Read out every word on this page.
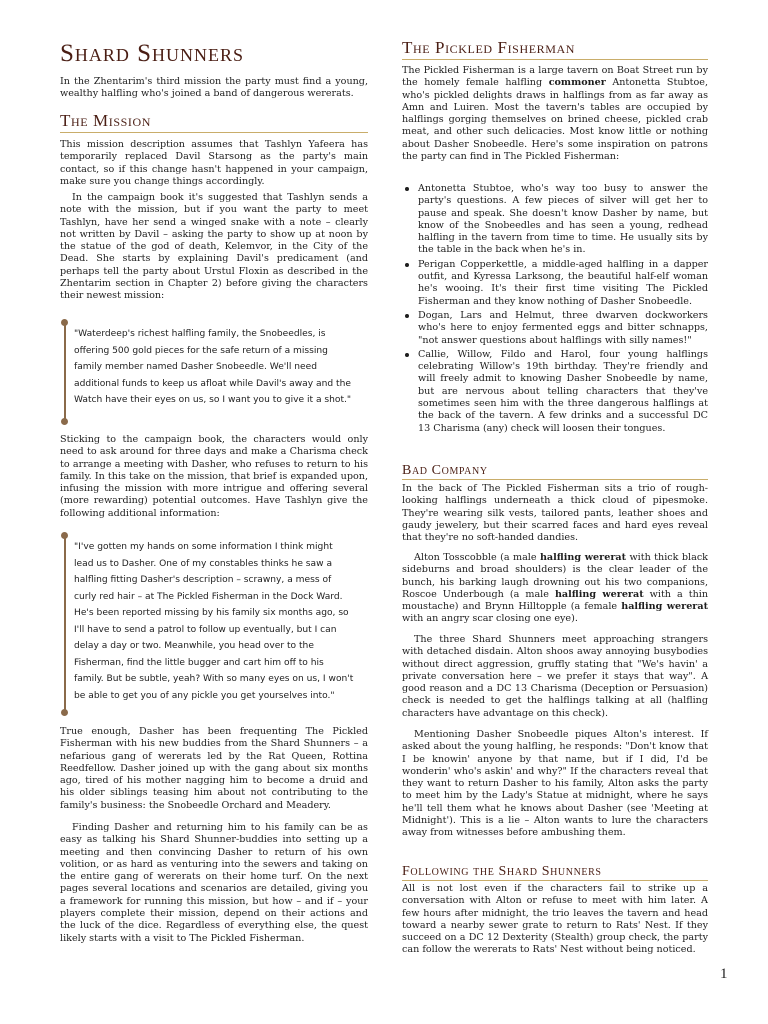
Shard Shunners
In the Zhentarim's third mission the party must find a young, wealthy halfling who's joined a band of dangerous wererats.
The Mission
This mission description assumes that Tashlyn Yafeera has temporarily replaced Davil Starsong as the party's main contact, so if this change hasn't happened in your campaign, make sure you change things accordingly.
In the campaign book it's suggested that Tashlyn sends a note with the mission, but if you want the party to meet Tashlyn, have her send a winged snake with a note – clearly not written by Davil – asking the party to show up at noon by the statue of the god of death, Kelemvor, in the City of the Dead. She starts by explaining Davil's predicament (and perhaps tell the party about Urstul Floxin as described in the Zhentarim section in Chapter 2) before giving the characters their newest mission:
"Waterdeep's richest halfling family, the Snobeedles, is offering 500 gold pieces for the safe return of a missing family member named Dasher Snobeedle. We'll need additional funds to keep us afloat while Davil's away and the Watch have their eyes on us, so I want you to give it a shot."
Sticking to the campaign book, the characters would only need to ask around for three days and make a Charisma check to arrange a meeting with Dasher, who refuses to return to his family. In this take on the mission, that brief is expanded upon, infusing the mission with more intrigue and offering several (more rewarding) potential outcomes. Have Tashlyn give the following additional information:
"I've gotten my hands on some information I think might lead us to Dasher. One of my constables thinks he saw a halfling fitting Dasher's description – scrawny, a mess of curly red hair – at The Pickled Fisherman in the Dock Ward. He's been reported missing by his family six months ago, so I'll have to send a patrol to follow up eventually, but I can delay a day or two. Meanwhile, you head over to the Fisherman, find the little bugger and cart him off to his family. But be subtle, yeah? With so many eyes on us, I won't be able to get you of any pickle you get yourselves into."
True enough, Dasher has been frequenting The Pickled Fisherman with his new buddies from the Shard Shunners – a nefarious gang of wererats led by the Rat Queen, Rottina Reedfellow. Dasher joined up with the gang about six months ago, tired of his mother nagging him to become a druid and his older siblings teasing him about not contributing to the family's business: the Snobeedle Orchard and Meadery.
Finding Dasher and returning him to his family can be as easy as talking his Shard Shunner-buddies into setting up a meeting and then convincing Dasher to return of his own volition, or as hard as venturing into the sewers and taking on the entire gang of wererats on their home turf. On the next pages several locations and scenarios are detailed, giving you a framework for running this mission, but how – and if – your players complete their mission, depend on their actions and the luck of the dice. Regardless of everything else, the quest likely starts with a visit to The Pickled Fisherman.
The Pickled Fisherman
The Pickled Fisherman is a large tavern on Boat Street run by the homely female halfling commoner Antonetta Stubtoe, who's pickled delights draws in halflings from as far away as Amn and Luiren. Most the tavern's tables are occupied by halflings gorging themselves on brined cheese, pickled crab meat, and other such delicacies. Most know little or nothing about Dasher Snobeedle. Here's some inspiration on patrons the party can find in The Pickled Fisherman:
Antonetta Stubtoe, who's way too busy to answer the party's questions. A few pieces of silver will get her to pause and speak. She doesn't know Dasher by name, but know of the Snobeedles and has seen a young, redhead halfling in the tavern from time to time. He usually sits by the table in the back when he's in.
Perigan Copperkettle, a middle-aged halfling in a dapper outfit, and Kyressa Larksong, the beautiful half-elf woman he's wooing. It's their first time visiting The Pickled Fisherman and they know nothing of Dasher Snobeedle.
Dogan, Lars and Helmut, three dwarven dockworkers who's here to enjoy fermented eggs and bitter schnapps, "not answer questions about halflings with silly names!"
Callie, Willow, Fildo and Harol, four young halflings celebrating Willow's 19th birthday. They're friendly and will freely admit to knowing Dasher Snobeedle by name, but are nervous about telling characters that they've sometimes seen him with the three dangerous halflings at the back of the tavern. A few drinks and a successful DC 13 Charisma (any) check will loosen their tongues.
Bad Company
In the back of The Pickled Fisherman sits a trio of rough-looking halflings underneath a thick cloud of pipesmoke. They're wearing silk vests, tailored pants, leather shoes and gaudy jewelery, but their scarred faces and hard eyes reveal that they're no soft-handed dandies.
Alton Tosscobble (a male halfling wererat with thick black sideburns and broad shoulders) is the clear leader of the bunch, his barking laugh drowning out his two companions, Roscoe Underbough (a male halfling wererat with a thin moustache) and Brynn Hilltopple (a female halfling wererat with an angry scar closing one eye).
The three Shard Shunners meet approaching strangers with detached disdain. Alton shoos away annoying busybodies without direct aggression, gruffly stating that "We's havin' a private conversation here – we prefer it stays that way". A good reason and a DC 13 Charisma (Deception or Persuasion) check is needed to get the halflings talking at all (halfling characters have advantage on this check).
Mentioning Dasher Snobeedle piques Alton's interest. If asked about the young halfling, he responds: "Don't know that I be knowin' anyone by that name, but if I did, I'd be wonderin' who's askin' and why?" If the characters reveal that they want to return Dasher to his family, Alton asks the party to meet him by the Lady's Statue at midnight, where he says he'll tell them what he knows about Dasher (see 'Meeting at Midnight'). This is a lie – Alton wants to lure the characters away from witnesses before ambushing them.
Following the Shard Shunners
All is not lost even if the characters fail to strike up a conversation with Alton or refuse to meet with him later. A few hours after midnight, the trio leaves the tavern and head toward a nearby sewer grate to return to Rats' Nest. If they succeed on a DC 12 Dexterity (Stealth) group check, the party can follow the wererats to Rats' Nest without being noticed.
1
